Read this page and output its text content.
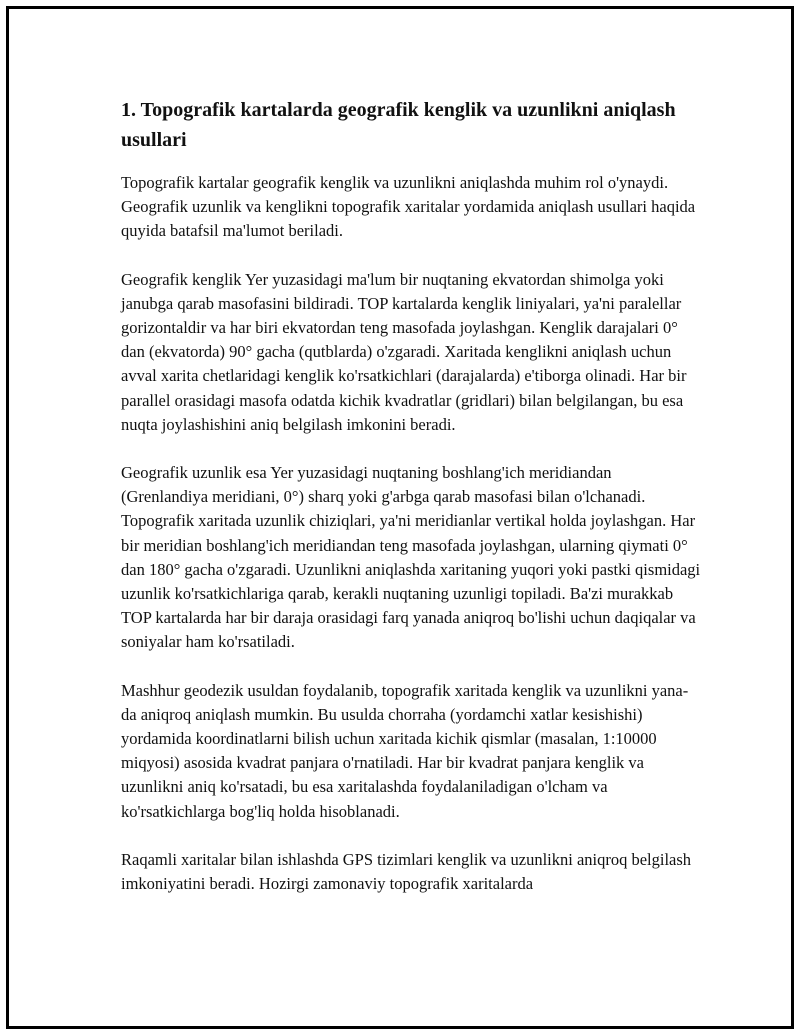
1. Topografik kartalarda geografik kenglik va uzunlikni aniqlash usullari

Topografik kartalar geografik kenglik va uzunlikni aniqlashda muhim rol o'ynaydi. Geografik uzunlik va kenglikni topografik xaritalar yordamida aniqlash usullari haqida quyida batafsil ma'lumot beriladi.

Geografik kenglik Yer yuzasidagi ma'lum bir nuqtaning ekvatordan shimolga yoki janubga qarab masofasini bildiradi. TOP kartalarda kenglik liniyalari, ya'ni paralellar gorizontaldir va har biri ekvatordan teng masofada joylashgan. Kenglik darajalari 0° dan (ekvatorda) 90° gacha (qutblarda) o'zgaradi. Xaritada kenglikni aniqlash uchun avval xarita chetlaridagi kenglik ko'rsatkichlari (darajalarda) e'tiborga olinadi. Har bir parallel orasidagi masofa odatda kichik kvadratlar (gridlari) bilan belgilangan, bu esa nuqta joylashishini aniq belgilash imkonini beradi.

Geografik uzunlik esa Yer yuzasidagi nuqtaning boshlang'ich meridiandan (Grenlandiya meridiani, 0°) sharq yoki g'arbga qarab masofasi bilan o'lchanadi. Topografik xaritada uzunlik chiziqlari, ya'ni meridianlar vertikal holda joylashgan. Har bir meridian boshlang'ich meridiandan teng masofada joylashgan, ularning qiymati 0° dan 180° gacha o'zgaradi. Uzunlikni aniqlashda xaritaning yuqori yoki pastki qismidagi uzunlik ko'rsatkichlariga qarab, kerakli nuqtaning uzunligi topiladi. Ba'zi murakkab TOP kartalarda har bir daraja orasidagi farq yanada aniqroq bo'lishi uchun daqiqalar va soniyalar ham ko'rsatiladi.

Mashhur geodezik usuldan foydalanib, topografik xaritada kenglik va uzunlikni yana-da aniqroq aniqlash mumkin. Bu usulda chorraha (yordamchi xatlar kesishishi) yordamida koordinatlarni bilish uchun xaritada kichik qismlar (masalan, 1:10000 miqyosi) asosida kvadrat panjara o'rnatiladi. Har bir kvadrat panjara kenglik va uzunlikni aniq ko'rsatadi, bu esa xaritalashda foydalaniladigan o'lcham va ko'rsatkichlarga bog'liq holda hisoblanadi.

Raqamli xaritalar bilan ishlashda GPS tizimlari kenglik va uzunlikni aniqroq belgilash imkoniyatini beradi. Hozirgi zamonaviy topografik xaritalarda
